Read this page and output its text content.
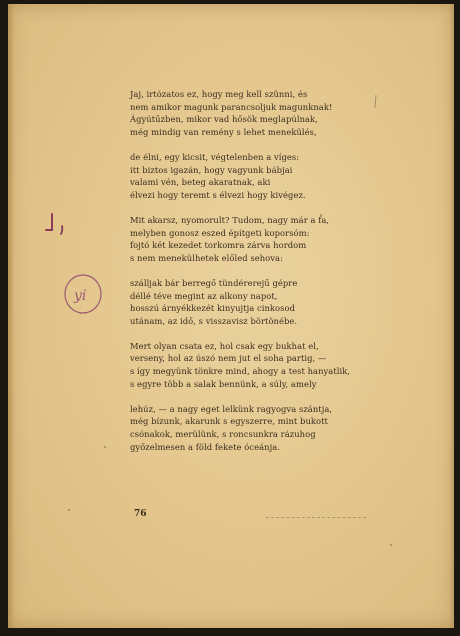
Jaj, irtózatos ez, hogy meg kell szünni, és
nem amikor magunk parancsoljuk magunknak!
Ágyútűzben, mikor vad hősök meglapúlnak,
még mindig van remény s lehet menekülés,
de élni, egy kicsit, végtelenben a víges:
itt biztos igazán, hogy vagyunk bábjai
valami vén, beteg akaratnak, aki
élvezi hogy teremt s élvezi hogy kivégez.
Mit akarsz, nyomorult? Tudom, nagy már a fa,
melyben gonosz eszed építgeti koporsóm:
fojtó két kezedet torkomra zárva hordom
s nem menekülhetek előled sehova:
szálljak bár berregő tündérerejű gépre
déllé téve megint az alkony napot,
hosszú árnyékkezét kinyujtja cinkosod
utánam, az idő, s visszavisz börtönébe.
Mert olyan csata ez, hol csak egy bukhat el,
verseny, hol az úszó nem jut el soha partig, —
s így megyünk tönkre mind, ahogy a test hanyatlik,
s egyre több a salak bennünk, a súly, amely
lehúz, — a nagy eget lelkünk ragyogva szántja,
még bízunk, akarunk s egyszerre, mint bukott
csónakok, merülünk, s roncsunkra rázuhog
győzelmesen a föld fekete óceánja.
76
yi
